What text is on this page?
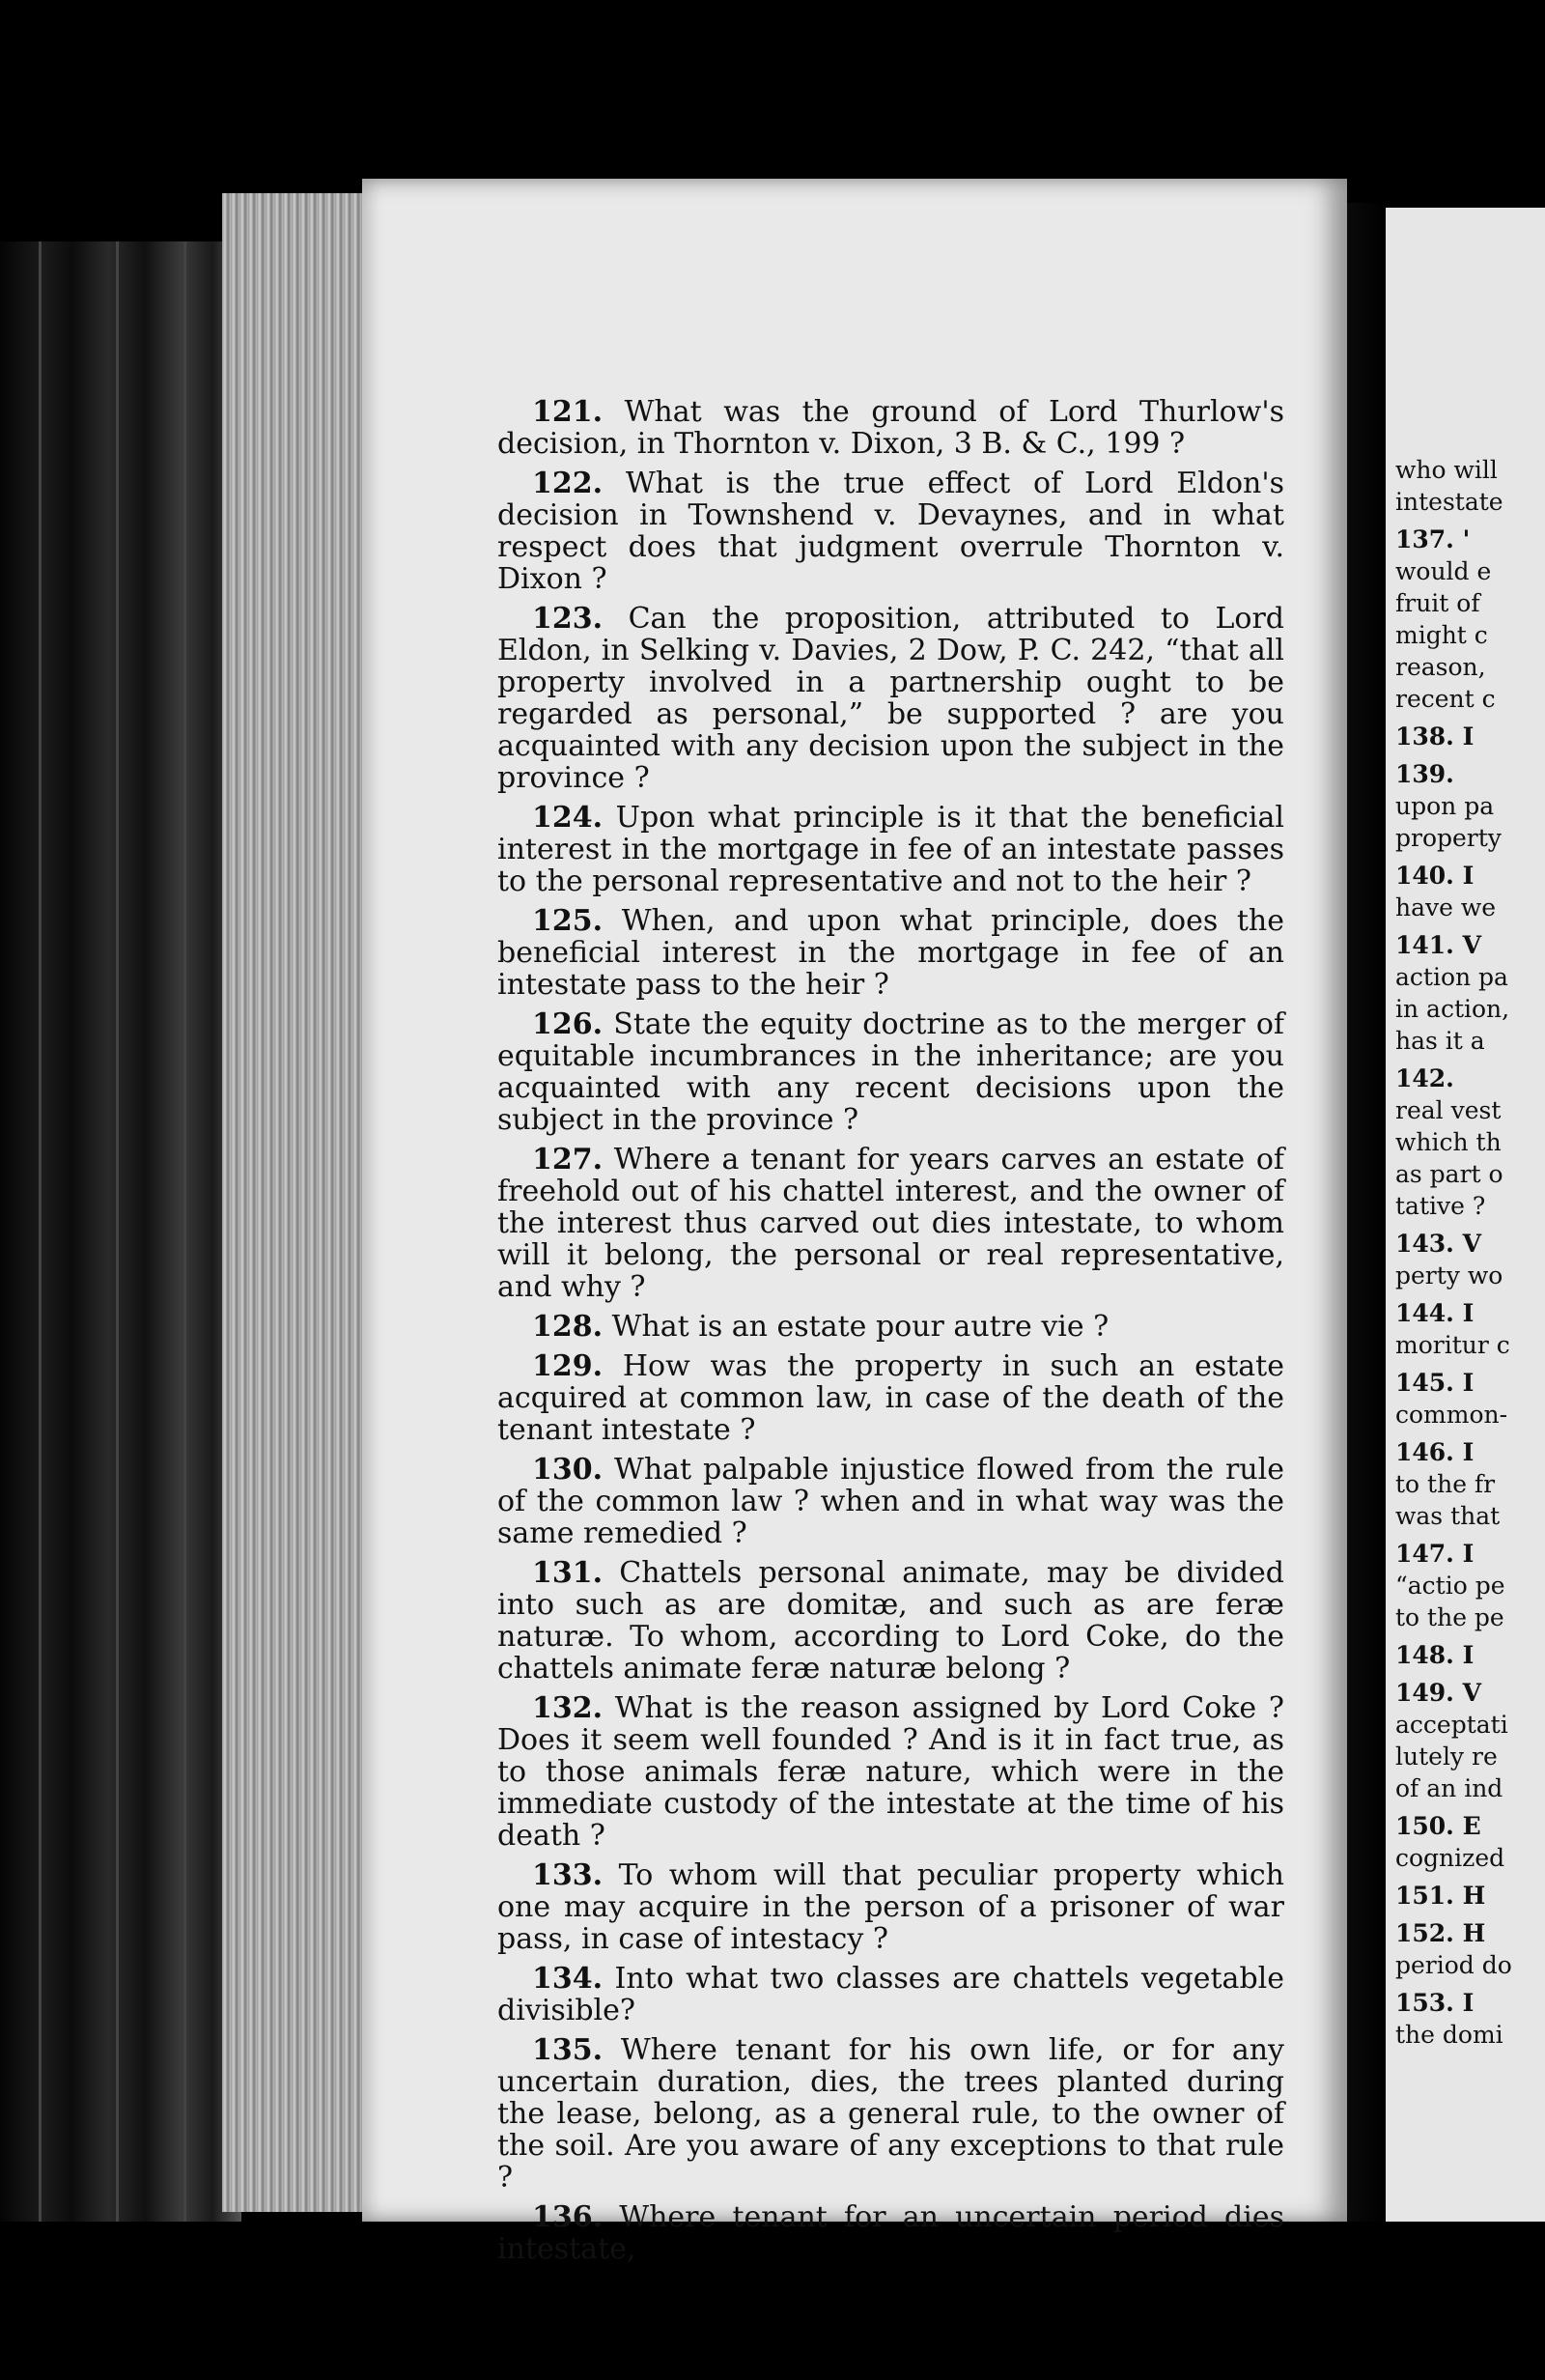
121. What was the ground of Lord Thurlow's decision, in Thornton v. Dixon, 3 B. & C., 199 ?

122. What is the true effect of Lord Eldon's decision in Townshend v. Devaynes, and in what respect does that judgment overrule Thornton v. Dixon ?

123. Can the proposition, attributed to Lord Eldon, in Selking v. Davies, 2 Dow, P. C. 242, “that all property involved in a partnership ought to be regarded as personal,” be supported ? are you acquainted with any decision upon the subject in the province ?

124. Upon what principle is it that the beneficial interest in the mortgage in fee of an intestate passes to the personal representative and not to the heir ?

125. When, and upon what principle, does the beneficial interest in the mortgage in fee of an intestate pass to the heir ?

126. State the equity doctrine as to the merger of equitable incumbrances in the inheritance; are you acquainted with any recent decisions upon the subject in the province ?

127. Where a tenant for years carves an estate of freehold out of his chattel interest, and the owner of the interest thus carved out dies intestate, to whom will it belong, the personal or real representative, and why ?

128. What is an estate pour autre vie ?

129. How was the property in such an estate acquired at common law, in case of the death of the tenant intestate ?

130. What palpable injustice flowed from the rule of the common law ? when and in what way was the same remedied ?

131. Chattels personal animate, may be divided into such as are domitæ, and such as are feræ naturæ. To whom, according to Lord Coke, do the chattels animate feræ naturæ belong ?

132. What is the reason assigned by Lord Coke ? Does it seem well founded ? And is it in fact true, as to those animals feræ nature, which were in the immediate custody of the intestate at the time of his death ?

133. To whom will that peculiar property which one may acquire in the person of a prisoner of war pass, in case of intestacy ?

134. Into what two classes are chattels vegetable divisible?

135. Where tenant for his own life, or for any uncertain duration, dies, the trees planted during the lease, belong, as a general rule, to the owner of the soil. Are you aware of any exceptions to that rule ?

136. Where tenant for an uncertain period dies intestate,

who will

intestate

137. '

would e

fruit of

might c

reason,

recent c

138. I

139.

upon pa

property

140. I

have we

141. V

action pa

in action,

has it a

142.

real vest

which th

as part o

tative ?

143. V

perty wo

144. I

moritur c

145. I

common-

146. I

to the fr

was that

147. I

“actio pe

to the pe

148. I

149. V

acceptati

lutely re

of an ind

150. E

cognized

151. H

152. H

period do

153. I

the domi
